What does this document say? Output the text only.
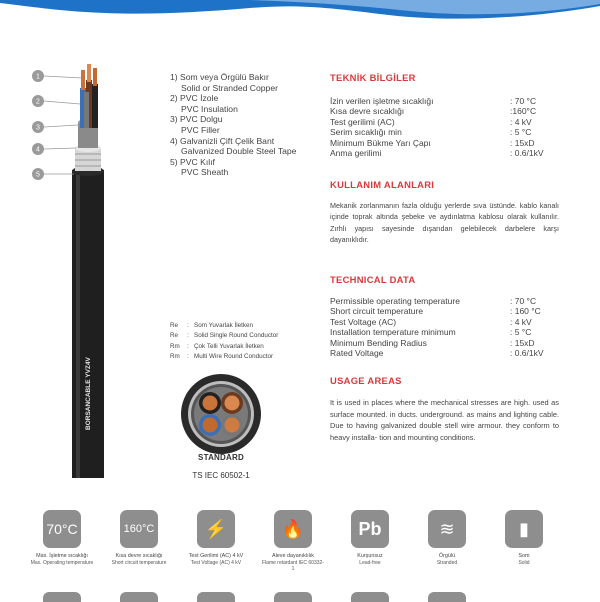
BORSANCABLE YVZ4V
1
2
3
4
5
1) Som veya Örgülü Bakır
Solid or Stranded Copper
2) PVC İzole
PVC Insulation
3) PVC Dolgu
PVC Filler
4) Galvanizli Çift Çelik Bant
Galvanized Double Steel Tape
5) PVC Kılıf
PVC Sheath
Re	: Som Yuvarlak İletken
Re	: Solid Single Round Conductor
Rm	: Çok Telli Yuvarlak İletken
Rm	: Multi Wire Round Conductor
STANDARD
TS IEC 60502-1
TEKNİK BİLGİLER
İzin verilen işletme sıcaklığı	: 70 °C
Kısa devre sıcaklığı	:160°C
Test gerilimi (AC)	: 4 kV
Serim sıcaklığı min	: 5 °C
Minimum Bükme Yarı Çapı	: 15xD
Anma gerilimi	: 0.6/1kV
KULLANIM ALANLARI
Mekanik zorlanmanın fazla olduğu yerlerde sıva üstünde. kablo kanalı içinde toprak altında şebeke ve aydınlatma kablosu olarak kullanılır. Zırhlı yapısı sayesinde dışarıdan gelebilecek darbelere karşı dayanıklıdır.
TECHNICAL DATA
Permissible operating temperature	: 70 °C
Short circuit temperature	: 160 °C
Test Voltage (AC)	: 4 kV
Installation temperature minimum	: 5 °C
Minimum Bending Radius	: 15xD
Rated Voltage	: 0.6/1kV
USAGE AREAS
It is used in places where the mechanical stresses are high. used as surface mounted. in ducts. underground. as mains and lighting cable. Due to having galvanized double stell wire armour. they conform to heavy installa- tion and mounting conditions.
70°C
Max. İşletme sıcaklığı
Max. Operating temperature
160°C
Kısa devre sıcaklığı
Short circuit temperature
⚡
Test Gerilimi (AC) 4 kV
Test Voltage (AC) 4 kV
🔥
Aleve dayanıklılık
Flame retardant IEC 60332-1
Pb
Kurşunsuz
Lead-free
≋
Örgülü
Stranded
▮
Som
Solid
